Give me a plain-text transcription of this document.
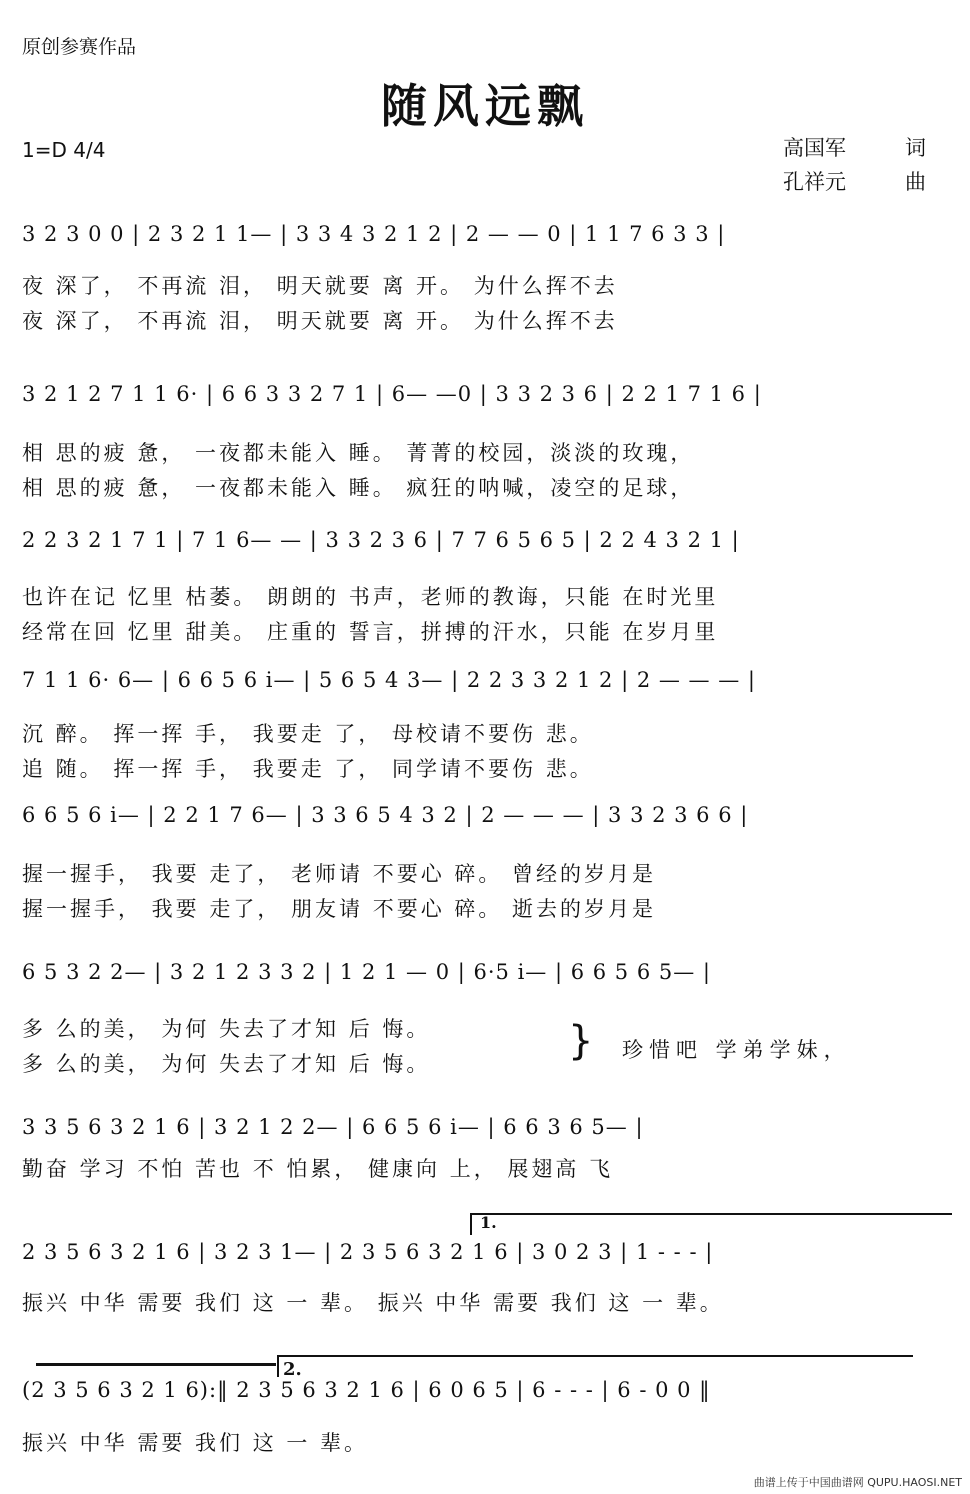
原创参赛作品
随风远飘
1=D 4/4	高国军	词
孔祥元	曲
3 2 3 0 0 | 2 3 2 1 1— | 3 3 4 3 2 1 2 | 2 — — 0 | 1 1 7 6 3 3 |
夜 深了， 不再流 泪， 明天就要 离 开。 为什么挥不去
夜 深了， 不再流 泪， 明天就要 离 开。 为什么挥不去
3 2 1 2 7 1 1 6· | 6 6 3 3 2 7 1 | 6— —0 | 3 3 2 3 6 | 2 2 1 7 1 6 |
相 思的疲 惫， 一夜都未能入 睡。 菁菁的校园，淡淡的玫瑰，
相 思的疲 惫， 一夜都未能入 睡。 疯狂的呐喊，凌空的足球，
2 2 3 2 1 7 1 | 7 1 6— — | 3 3 2 3 6 | 7 7 6 5 6 5 | 2 2 4 3 2 1 |
也许在记 忆里 枯萎。 朗朗的 书声，老师的教诲，只能 在时光里
经常在回 忆里 甜美。 庄重的 誓言，拼搏的汗水，只能 在岁月里
7 1 1 6· 6— | 6 6 5 6 i— | 5 6 5 4 3— | 2 2 3 3 2 1 2 | 2 — — — |
沉 醉。 挥一挥 手， 我要走 了， 母校请不要伤 悲。
追 随。 挥一挥 手， 我要走 了， 同学请不要伤 悲。
6 6 5 6 i— | 2 2 1 7 6— | 3 3 6 5 4 3 2 | 2 — — — | 3 3 2 3 6 6 |
握一握手， 我要 走了， 老师请 不要心 碎。 曾经的岁月是
握一握手， 我要 走了， 朋友请 不要心 碎。 逝去的岁月是
6 5 3 2 2— | 3 2 1 2 3 3 2 | 1 2 1 — 0 | 6·5 i— | 6 6 5 6 5— |
多 么的美， 为何 失去了才知 后 悔。
多 么的美， 为何 失去了才知 后 悔。
3 3 5 6 3 2 1 6 | 3 2 1 2 2— | 6 6 5 6 i— | 6 6 3 6 5— |
勤奋 学习 不怕 苦也 不 怕累， 健康向 上， 展翅高 飞
2 3 5 6 3 2 1 6 | 3 2 3 1— | 2 3 5 6 3 2 1 6 | 3 0 2 3 | 1 - - - |
振兴 中华 需要 我们 这 一 辈。 振兴 中华 需要 我们 这 一 辈。
(2 3 5 6 3 2 1 6):‖ 2 3 5 6 3 2 1 6 | 6 0 6 5 | 6 - - - | 6 - 0 0 ‖
振兴 中华 需要 我们 这 一 辈。
} 珍惜吧 学弟学妹，
1.
2.
曲谱上传于中国曲谱网 QUPU.HAOSI.NET
